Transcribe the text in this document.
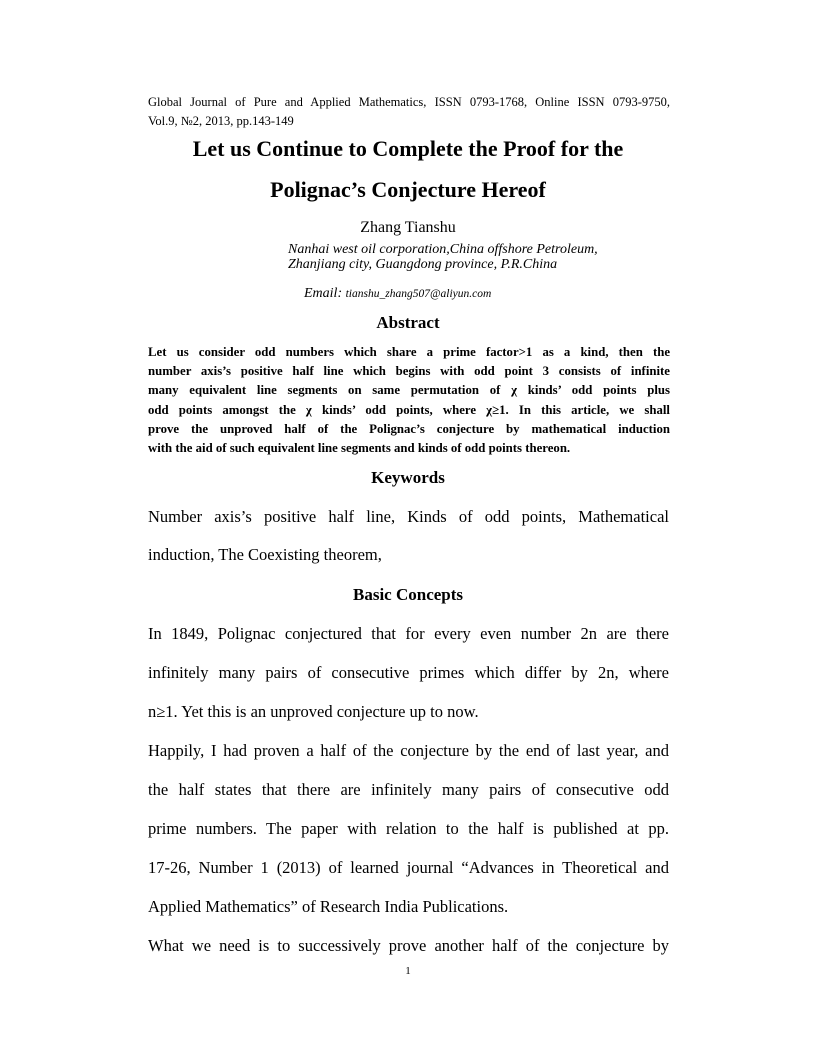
Global Journal of Pure and Applied Mathematics, ISSN 0793-1768, Online ISSN 0793-9750,
Vol.9, №2, 2013, pp.143-149
Let us Continue to Complete the Proof for the
Polignac’s Conjecture Hereof
Zhang Tianshu
Nanhai west oil corporation,China offshore Petroleum,
Zhanjiang city, Guangdong province, P.R.China
Email: tianshu_zhang507@aliyun.com
Abstract
Let us consider odd numbers which share a prime factor>1 as a kind, then the
number axis’s positive half line which begins with odd point 3 consists of infinite
many equivalent line segments on same permutation of χ kinds’ odd points plus
odd points amongst the χ kinds’ odd points, where χ≥1. In this article, we shall
prove the unproved half of the Polignac’s conjecture by mathematical induction
with the aid of such equivalent line segments and kinds of odd points thereon.
Keywords
Number axis’s positive half line, Kinds of odd points, Mathematical
induction, The Coexisting theorem,
Basic Concepts
In 1849, Polignac conjectured that for every even number 2n are there
infinitely many pairs of consecutive primes which differ by 2n, where
n≥1. Yet this is an unproved conjecture up to now.
Happily, I had proven a half of the conjecture by the end of last year, and
the half states that there are infinitely many pairs of consecutive odd
prime numbers. The paper with relation to the half is published at pp.
17-26, Number 1 (2013) of learned journal “Advances in Theoretical and
Applied Mathematics” of Research India Publications.
What we need is to successively prove another half of the conjecture by
1
